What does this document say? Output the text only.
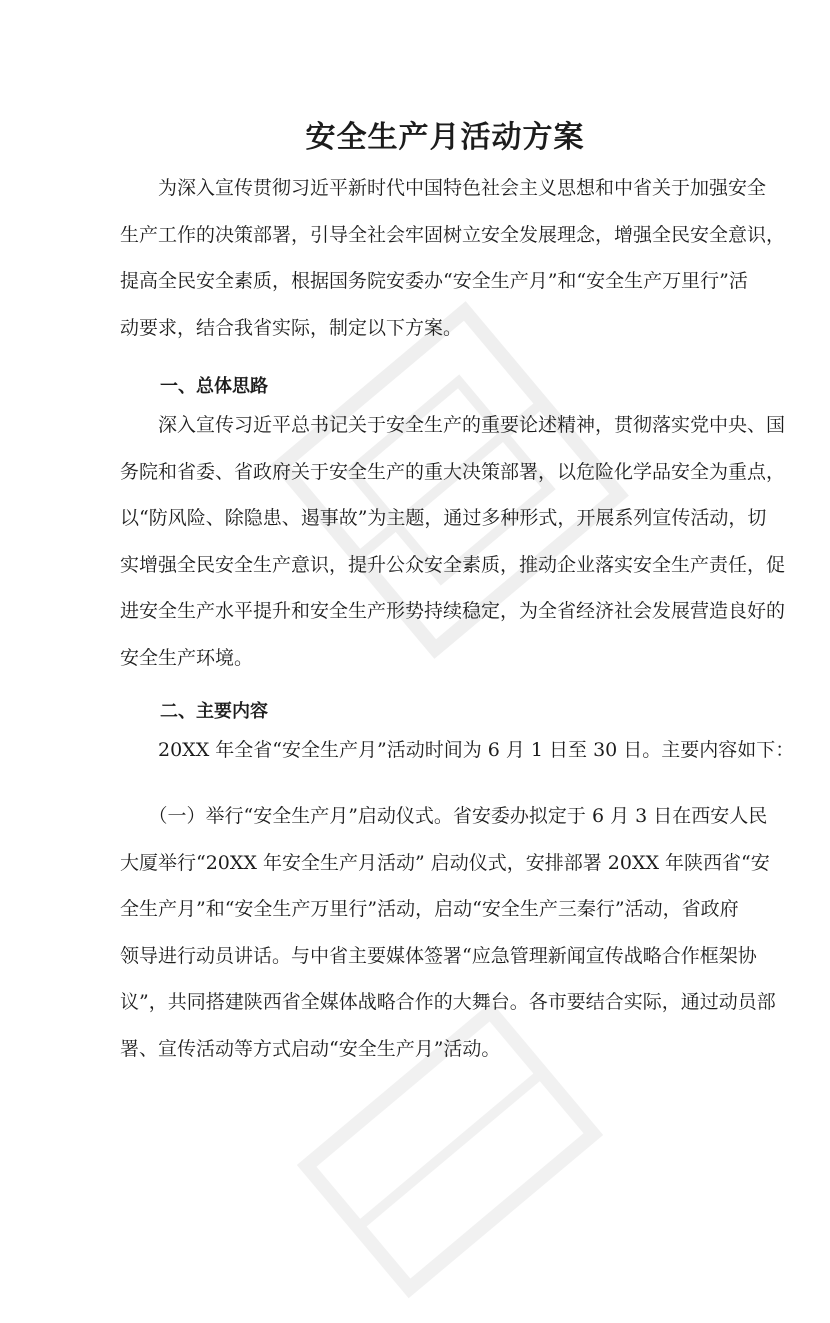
安全生产月活动方案

　　为深入宣传贯彻习近平新时代中国特色社会主义思想和中省关于加强安全
生产工作的决策部署，引导全社会牢固树立安全发展理念，增强全民安全意识，
提高全民安全素质，根据国务院安委办“安全生产月”和“安全生产万里行”活
动要求，结合我省实际，制定以下方案。

一、总体思路

　　深入宣传习近平总书记关于安全生产的重要论述精神，贯彻落实党中央、国
务院和省委、省政府关于安全生产的重大决策部署，以危险化学品安全为重点，
以“防风险、除隐患、遏事故”为主题，通过多种形式，开展系列宣传活动，切
实增强全民安全生产意识，提升公众安全素质，推动企业落实安全生产责任，促
进安全生产水平提升和安全生产形势持续稳定，为全省经济社会发展营造良好的
安全生产环境。

二、主要内容

　　20XX 年全省“安全生产月”活动时间为 6 月 1 日至 30 日。主要内容如下：

　　（一）举行“安全生产月”启动仪式。省安委办拟定于 6 月 3 日在西安人民
大厦举行“20XX 年安全生产月活动” 启动仪式，安排部署 20XX 年陕西省“安
全生产月”和“安全生产万里行”活动，启动“安全生产三秦行”活动，省政府
领导进行动员讲话。与中省主要媒体签署“应急管理新闻宣传战略合作框架协
议”，共同搭建陕西省全媒体战略合作的大舞台。各市要结合实际，通过动员部
署、宣传活动等方式启动“安全生产月”活动。
